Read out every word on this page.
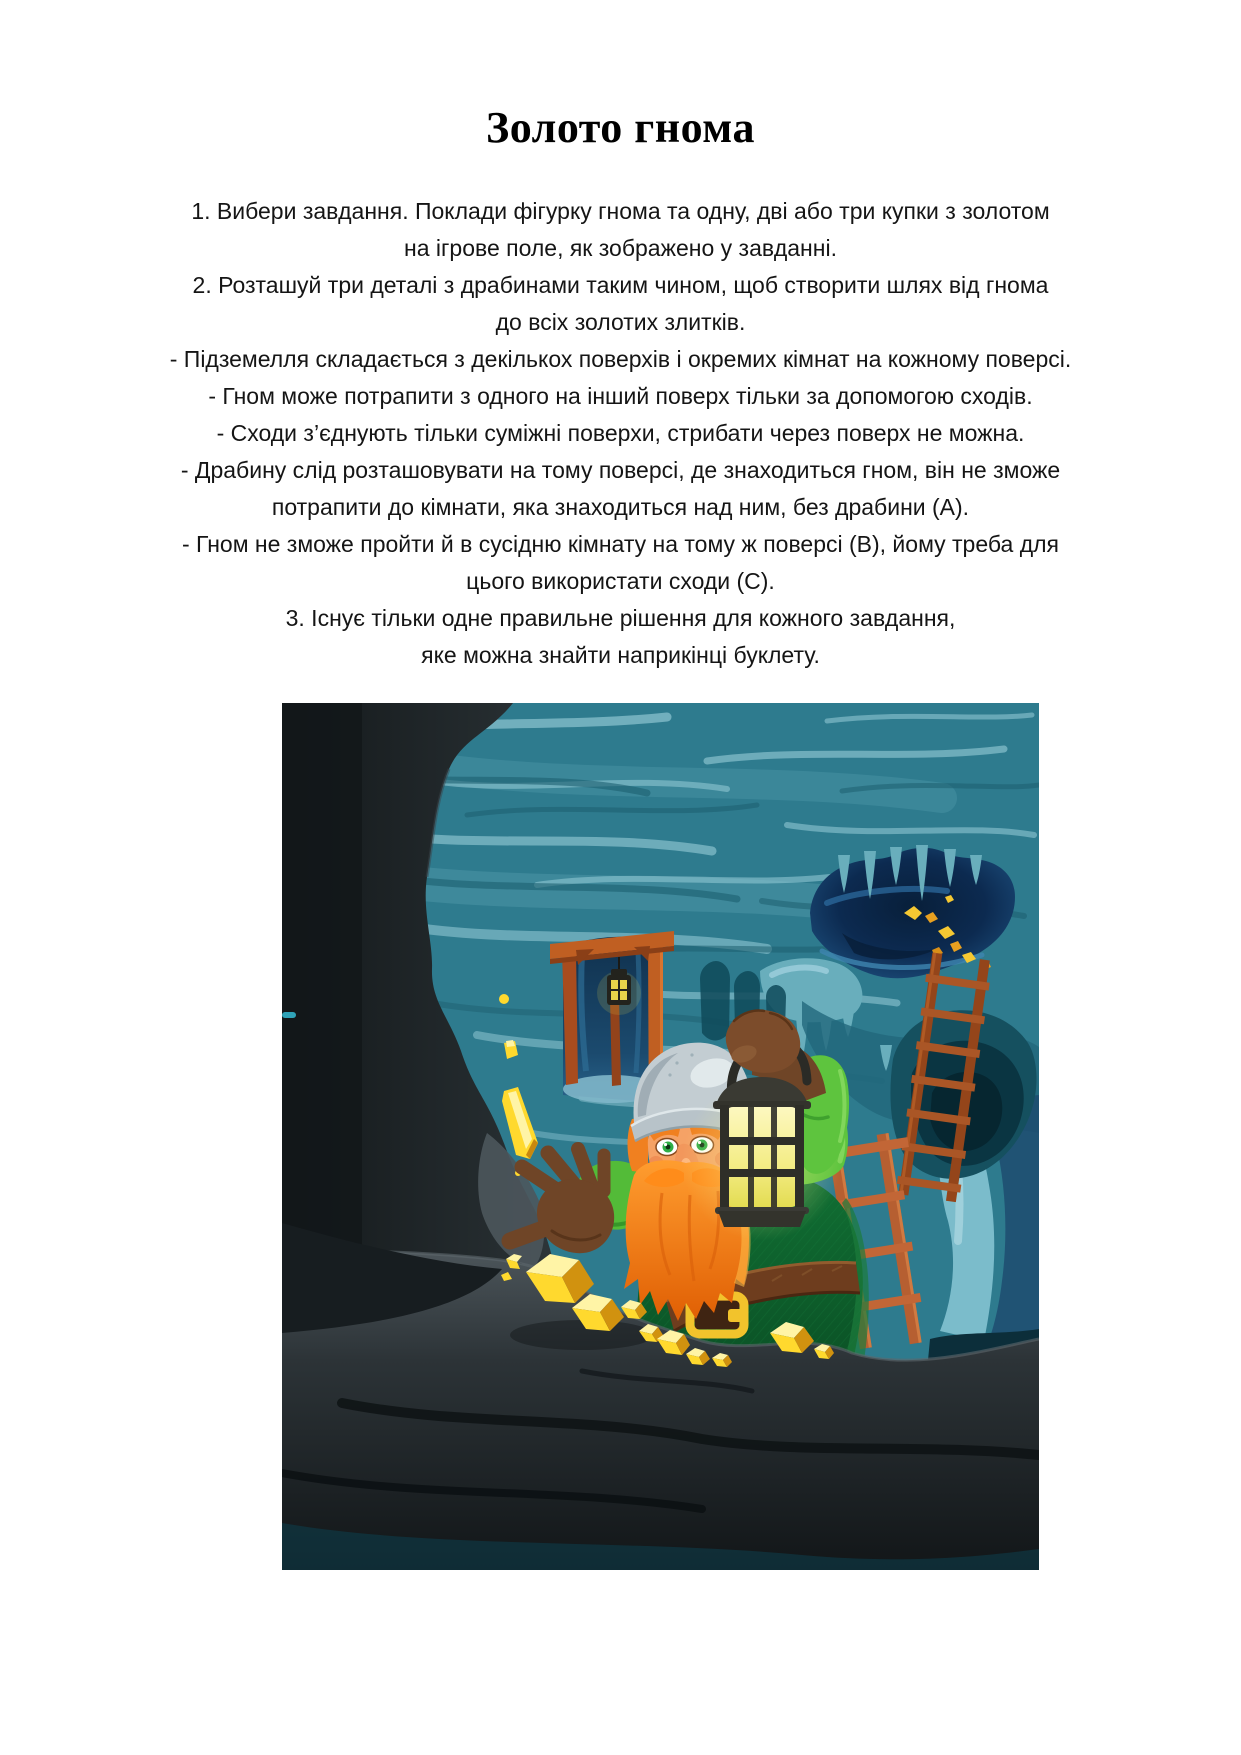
Золото гнома

1. Вибери завдання. Поклади фігурку гнома та одну, дві або три купки з золотом

на ігрове поле, як зображено у завданні.

2. Розташуй три деталі з драбинами таким чином, щоб створити шлях від гнома

до всіх золотих злитків.

- Підземелля складається з декількох поверхів і окремих кімнат на кожному поверсі.

- Гном може потрапити з одного на інший поверх тільки за допомогою сходів.

- Сходи з’єднують тільки суміжні поверхи, стрибати через поверх не можна.

- Драбину слід розташовувати на тому поверсі, де знаходиться гном, він не зможе

потрапити до кімнати, яка знаходиться над ним, без драбини (А).

- Гном не зможе пройти й в сусідню кімнату на тому ж поверсі (В), йому треба для

цього використати сходи (С).

3. Існує тільки одне правильне рішення для кожного завдання,

яке можна знайти наприкінці буклету.
